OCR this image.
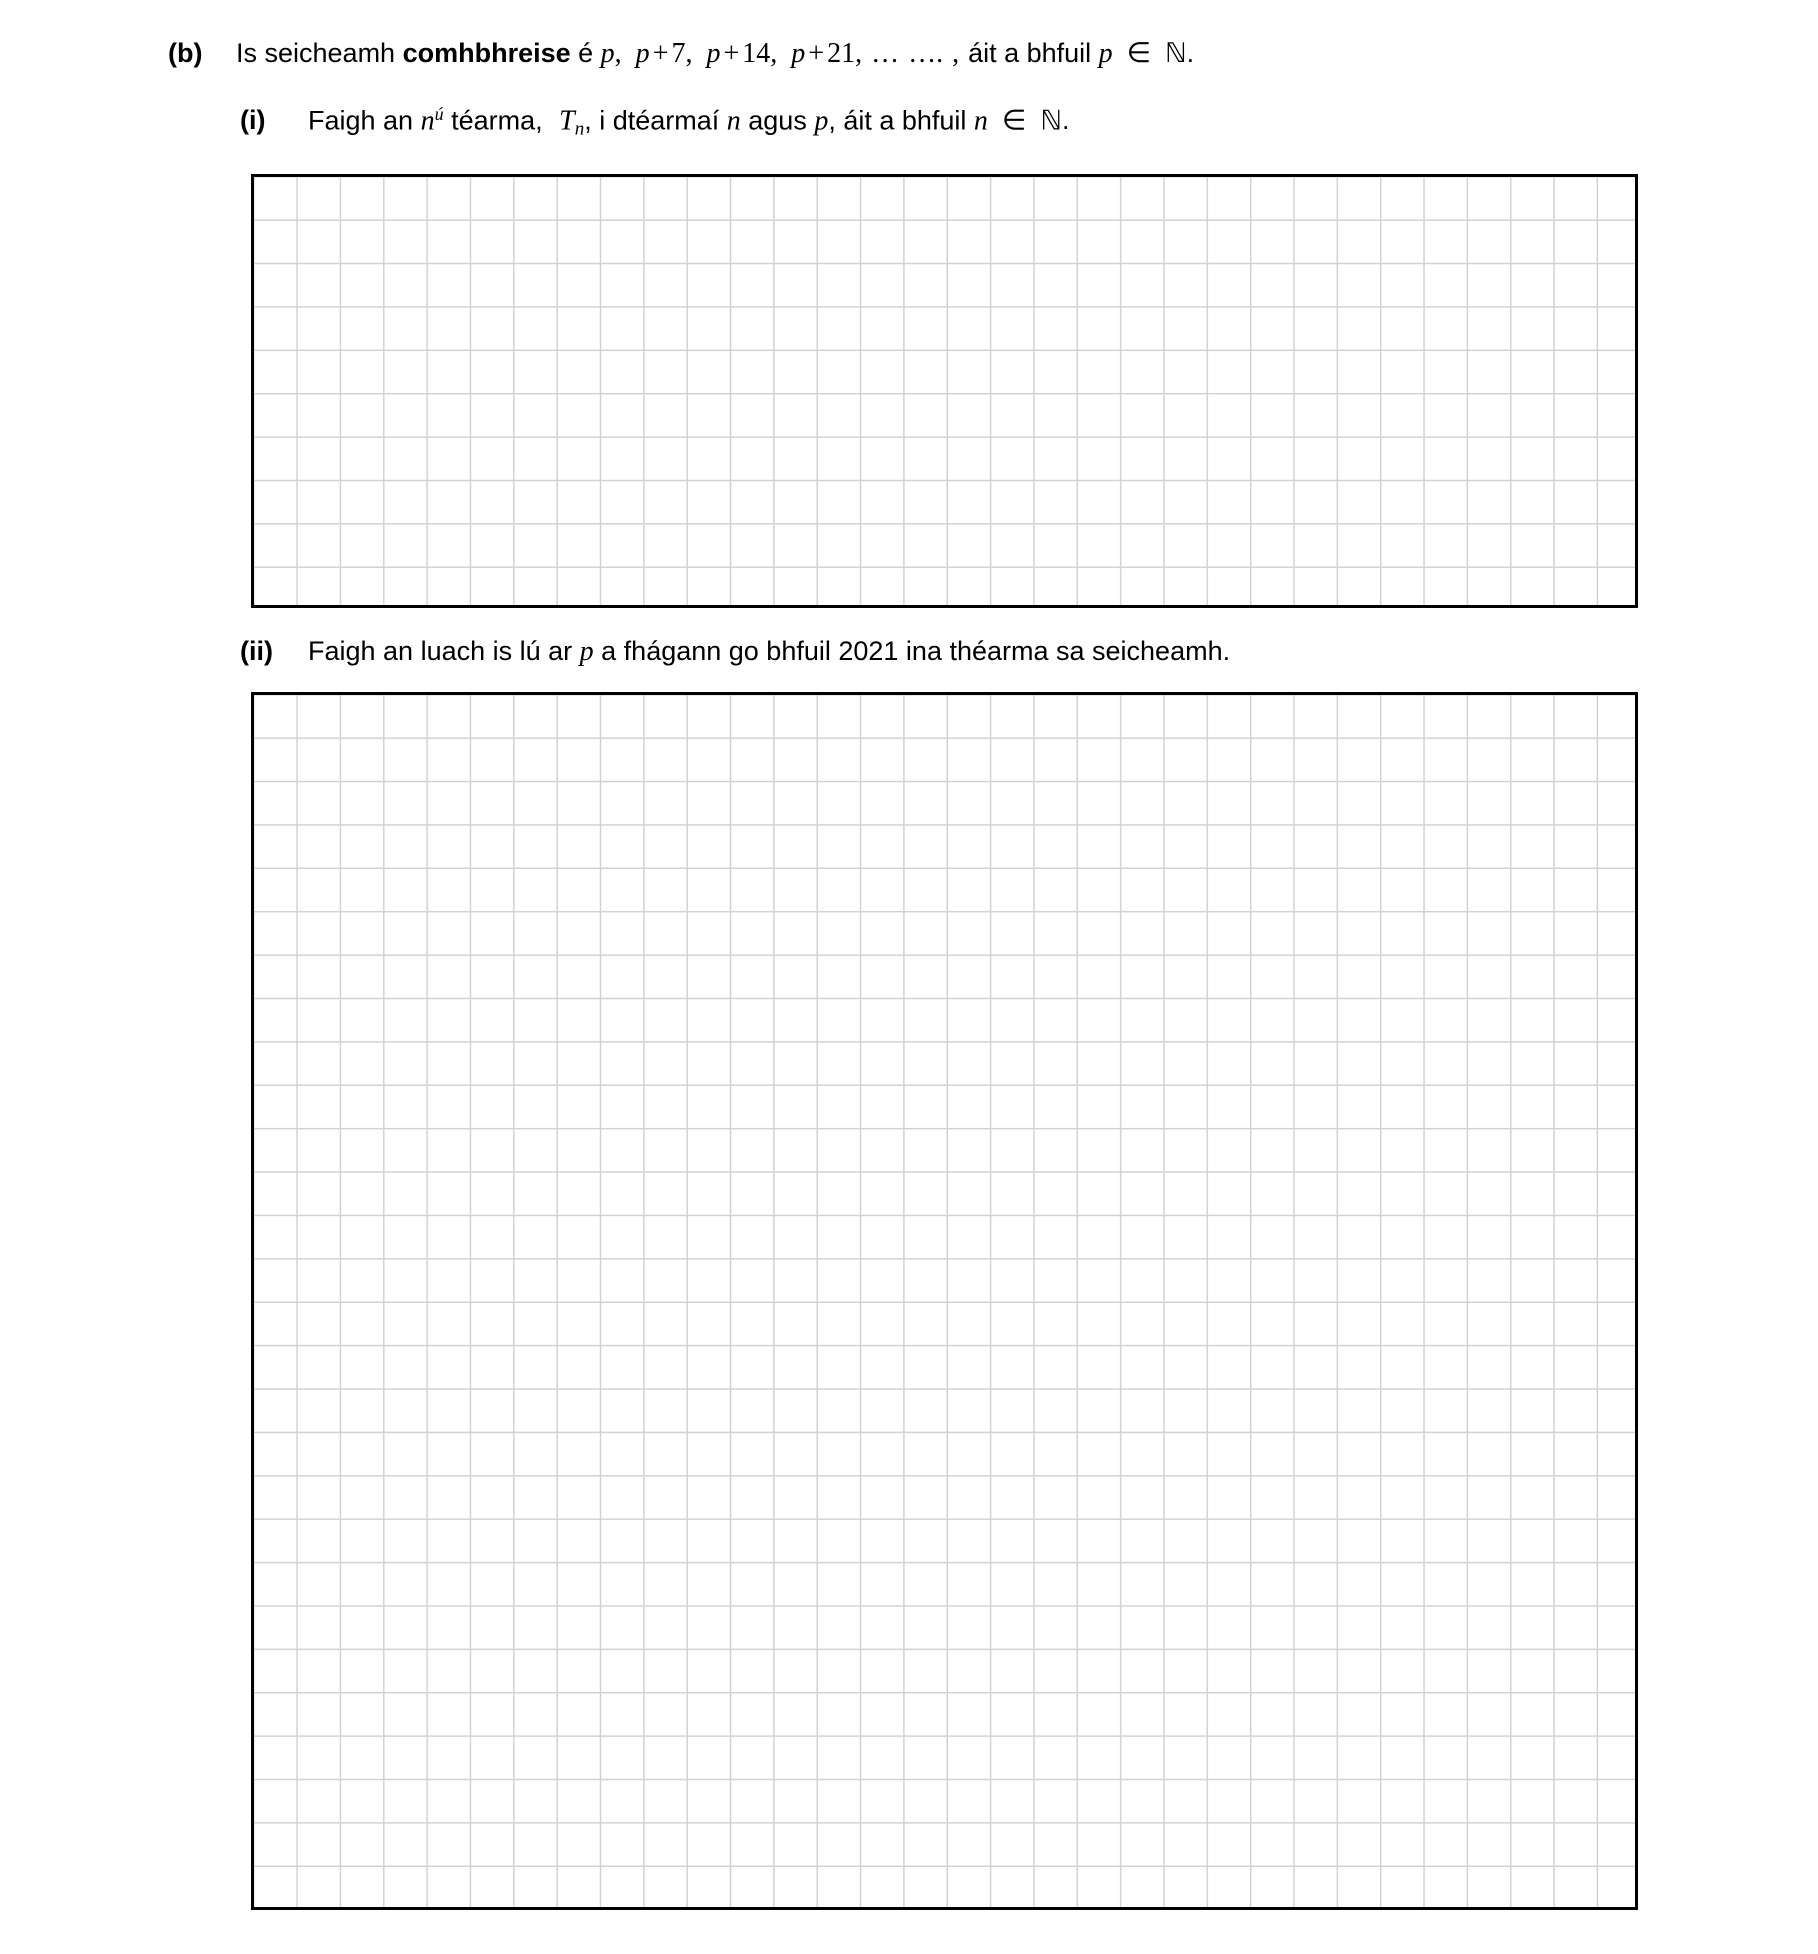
(b)	Is seicheamh comhbhreise é p, p + 7, p + 14, p + 21, … …. , áit a bhfuil p ∈ ℕ.
(i)	Faigh an $n^ú$ téarma, Tn, i dtéarmaí n agus p, áit a bhfuil n ∈ ℕ.
(ii)	Faigh an luach is lú ar p a fhágann go bhfuil 2021 ina théarma sa seicheamh.
